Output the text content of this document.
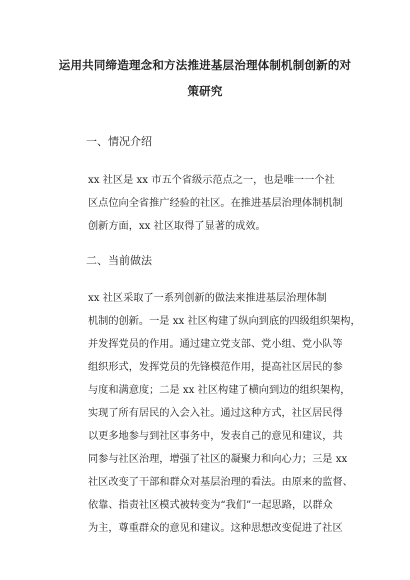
运用共同缔造理念和方法推进基层治理体制机制创新的对
策研究
一、情况介绍
xx 社区是 xx 市五个省级示范点之一，也是唯一一个社
区点位向全省推广经验的社区。在推进基层治理体制机制
创新方面，xx 社区取得了显著的成效。
二、当前做法
xx 社区采取了一系列创新的做法来推进基层治理体制
机制的创新。一是 xx 社区构建了纵向到底的四级组织架构，
并发挥党员的作用。通过建立党支部、党小组、党小队等
组织形式，发挥党员的先锋模范作用，提高社区居民的参
与度和满意度；二是 xx 社区构建了横向到边的组织架构，
实现了所有居民的入会入社。通过这种方式，社区居民得
以更多地参与到社区事务中，发表自己的意见和建议，共
同参与社区治理，增强了社区的凝聚力和向心力；三是 xx
社区改变了干部和群众对基层治理的看法。由原来的监督、
依靠、指责社区模式被转变为“我们”一起思路，以群众
为主，尊重群众的意见和建议。这种思想改变促进了社区
